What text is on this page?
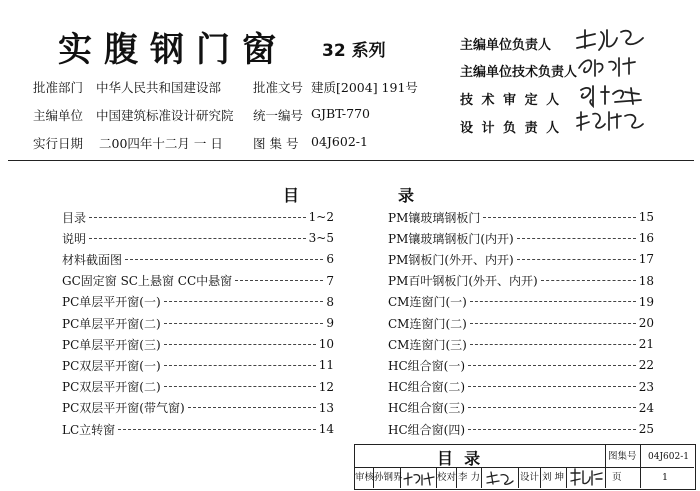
实腹钢门窗 32 系列
批准部门 中华人民共和国建设部	批准文号 建质[2004] 191号
主编单位 中国建筑标准设计研究院 统一编号 GJBT-770
实行日期 二00四年十二月 一 日 图 集 号 04J602-1
主编单位负责人
主编单位技术负责人
技 术 审 定 人
设 计 负 责 人
目	录
目录	1~2
说明	3~5
材料截面图	6
GC固定窗 SC上悬窗 CC中悬窗	7
PC单层平开窗(一)	8
PC单层平开窗(二)	9
PC单层平开窗(三)	10
PC双层平开窗(一)	11
PC双层平开窗(二)	12
PC双层平开窗(带气窗)	13
LC立转窗	14
PM镶玻璃钢板门	15
PM镶玻璃钢板门(内开)	16
PM钢板门(外开、内开)	17
PM百叶钢板门(外开、内开)	18
CM连窗门(一)	19
CM连窗门(二)	20
CM连窗门(三)	21
HC组合窗(一)	22
HC组合窗(二)	23
HC组合窗(三)	24
HC组合窗(四)	25
目  录	图集号 04J602-1
审核 孙钢界	校对 李 力	设计 刘 坤	页	1
